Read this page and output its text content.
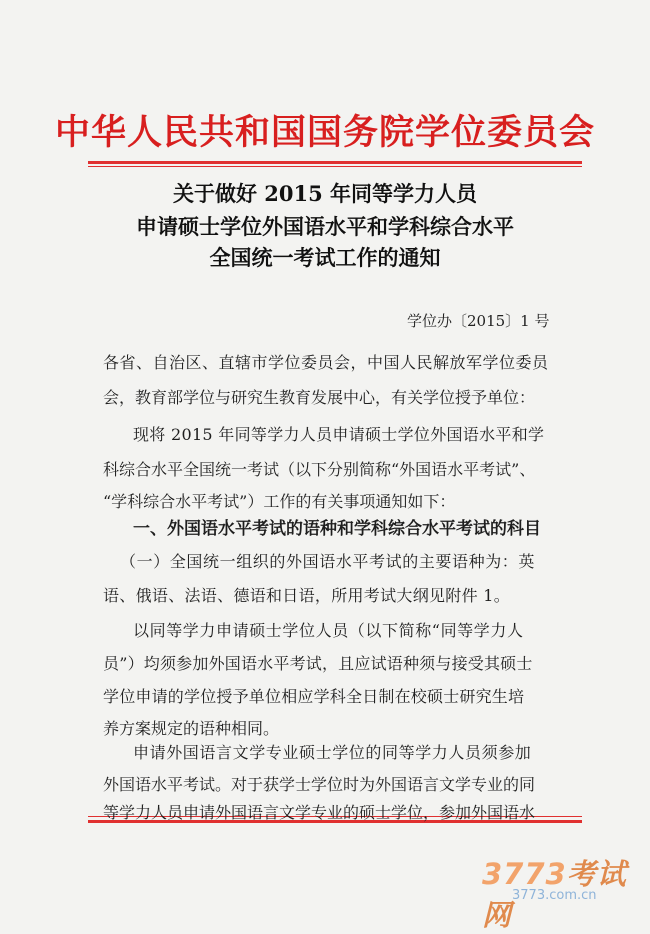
中华人民共和国国务院学位委员会
关于做好 2015 年同等学力人员
申请硕士学位外国语水平和学科综合水平
全国统一考试工作的通知
学位办〔2015〕1 号
各省、自治区、直辖市学位委员会，中国人民解放军学位委员
会，教育部学位与研究生教育发展中心，有关学位授予单位：
现将 2015 年同等学力人员申请硕士学位外国语水平和学
科综合水平全国统一考试（以下分别简称“外国语水平考试”、
“学科综合水平考试”）工作的有关事项通知如下：
一、外国语水平考试的语种和学科综合水平考试的科目
（一）全国统一组织的外国语水平考试的主要语种为：英
语、俄语、法语、德语和日语，所用考试大纲见附件 1。
以同等学力申请硕士学位人员（以下简称“同等学力人
员”）均须参加外国语水平考试，且应试语种须与接受其硕士
学位申请的学位授予单位相应学科全日制在校硕士研究生培
养方案规定的语种相同。
申请外国语言文学专业硕士学位的同等学力人员须参加
外国语水平考试。对于获学士学位时为外国语言文学专业的同
3773考试网
3773.com.cn
等学力人员申请外国语言文学专业的硕士学位，参加外国语水
